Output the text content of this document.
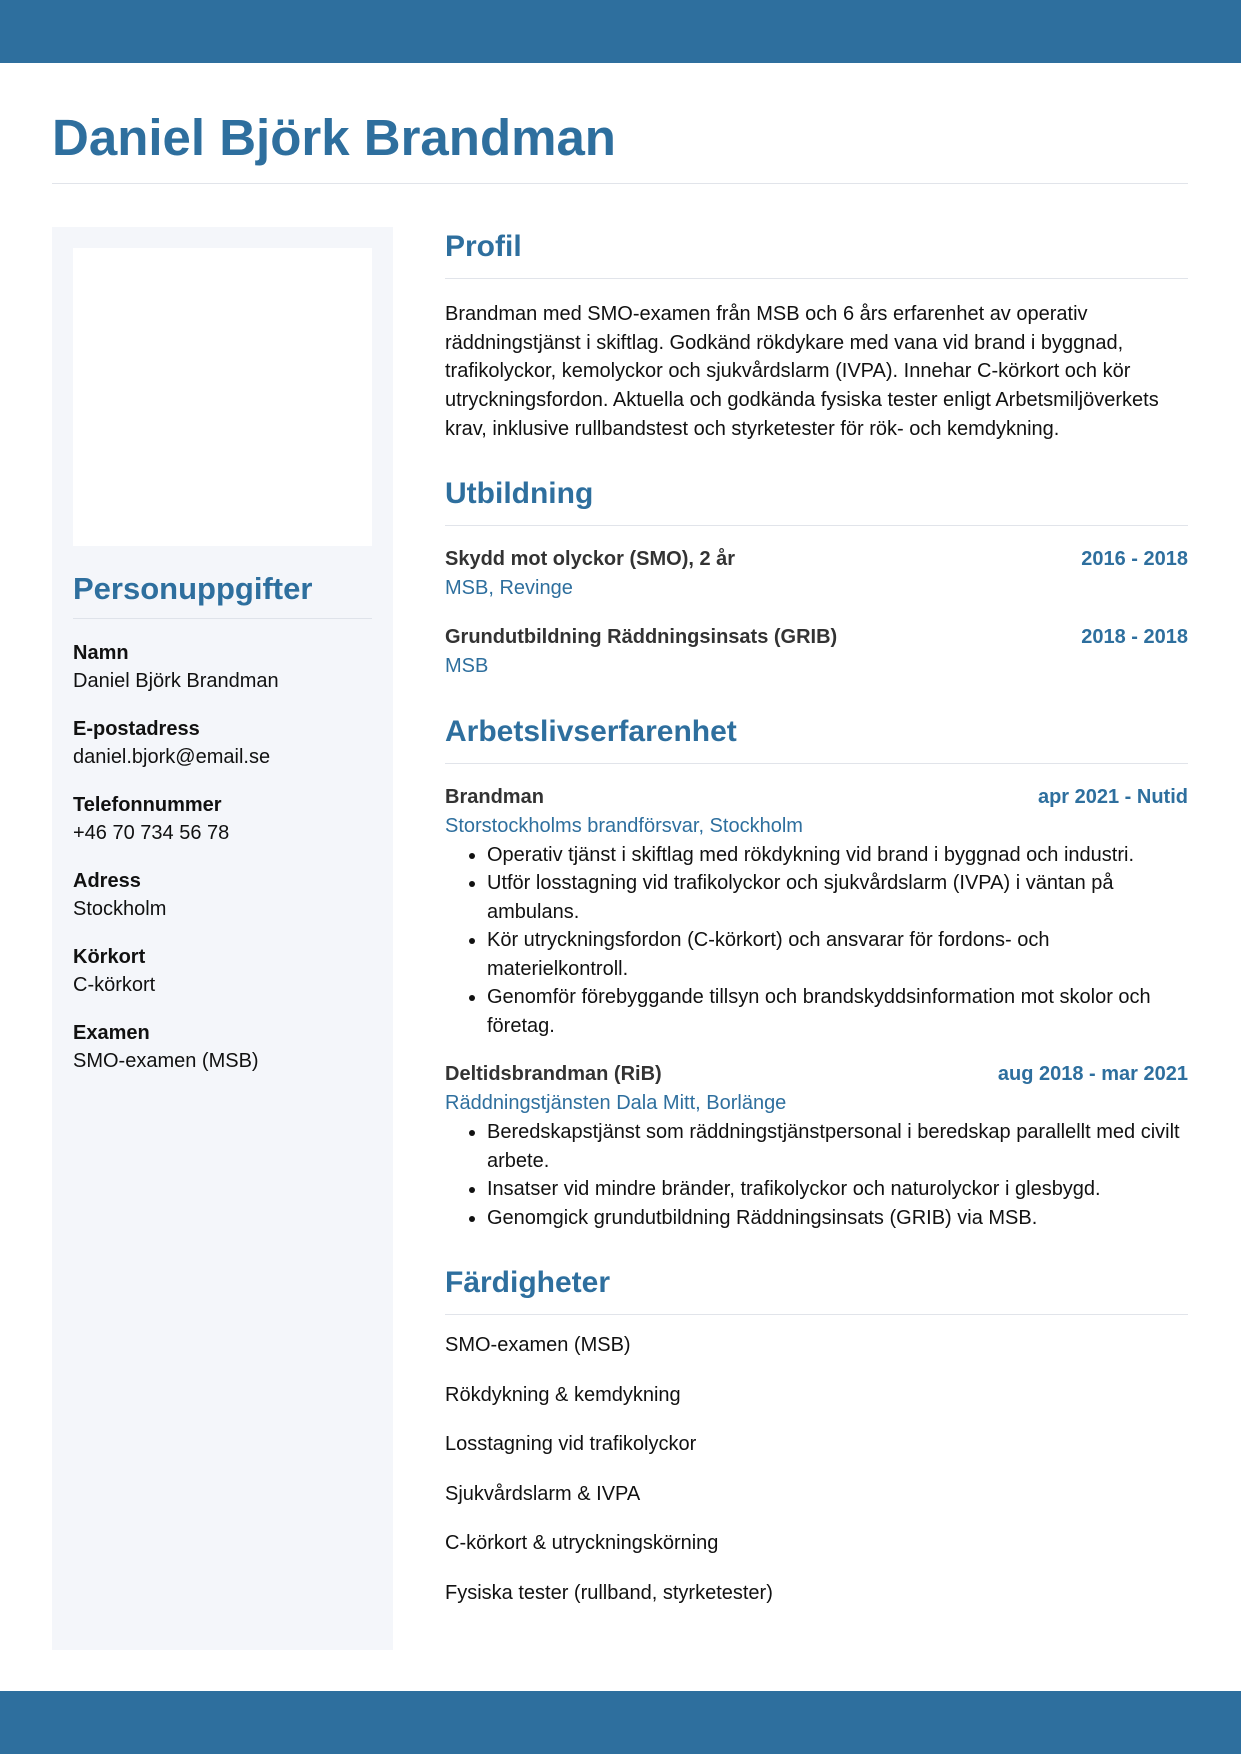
Daniel Björk Brandman
Personuppgifter
Namn
Daniel Björk Brandman
E-postadress
daniel.bjork@email.se
Telefonnummer
+46 70 734 56 78
Adress
Stockholm
Körkort
C-körkort
Examen
SMO-examen (MSB)
Profil

Brandman med SMO-examen från MSB och 6 års erfarenhet av operativ räddningstjänst i skiftlag. Godkänd rökdykare med vana vid brand i byggnad, trafikolyckor, kemolyckor och sjukvårdslarm (IVPA). Innehar C-körkort och kör utryckningsfordon. Aktuella och godkända fysiska tester enligt Arbetsmiljöverkets krav, inklusive rullbandstest och styrketester för rök- och kemdykning.

Utbildning
Skydd mot olyckor (SMO), 2 år	2016 - 2018
MSB, Revinge
Grundutbildning Räddningsinsats (GRIB)	2018 - 2018
MSB
Arbetslivserfarenhet
Brandman	apr 2021 - Nutid
Storstockholms brandförsvar, Stockholm
• Operativ tjänst i skiftlag med rökdykning vid brand i byggnad och industri.
• Utför losstagning vid trafikolyckor och sjukvårdslarm (IVPA) i väntan på ambulans.
• Kör utryckningsfordon (C-körkort) och ansvarar för fordons- och materielkontroll.
• Genomför förebyggande tillsyn och brandskyddsinformation mot skolor och företag.
Deltidsbrandman (RiB)	aug 2018 - mar 2021
Räddningstjänsten Dala Mitt, Borlänge
• Beredskapstjänst som räddningstjänstpersonal i beredskap parallellt med civilt arbete.
• Insatser vid mindre bränder, trafikolyckor och naturolyckor i glesbygd.
• Genomgick grundutbildning Räddningsinsats (GRIB) via MSB.
Färdigheter
SMO-examen (MSB)
Rökdykning & kemdykning
Losstagning vid trafikolyckor
Sjukvårdslarm & IVPA
C-körkort & utryckningskörning
Fysiska tester (rullband, styrketester)
